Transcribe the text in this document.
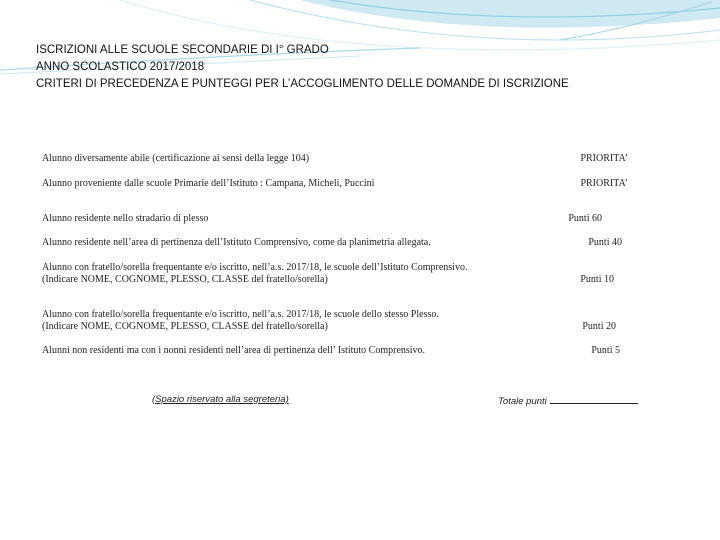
ISCRIZIONI ALLE SCUOLE SECONDARIE DI I° GRADO
ANNO SCOLASTICO 2017/2018
CRITERI DI PRECEDENZA E PUNTEGGI PER L’ACCOGLIMENTO DELLE DOMANDE DI ISCRIZIONE
Alunno diversamente abile (certificazione ai sensi della legge 104)	PRIORITA’
Alunno proveniente dalle scuole Primarie dell’Istituto : Campana, Micheli, Puccini	PRIORITA’
Alunno residente nello stradario di plesso	Punti 60
Alunno residente nell’area di pertinenza dell’Istituto Comprensivo, come da planimetria allegata.	Punti 40
Alunno con fratello/sorella frequentante e/o iscritto, nell’a.s. 2017/18, le scuole dell’Istituto Comprensivo.
(Indicare NOME, COGNOME, PLESSO, CLASSE del fratello/sorella)	Punti 10
Alunno con fratello/sorella frequentante e/o iscritto, nell’a.s. 2017/18, le scuole dello stesso Plesso.
(Indicare NOME, COGNOME, PLESSO, CLASSE del fratello/sorella)	Punti 20
Alunni non residenti ma con i nonni residenti nell’area di pertinenza dell’ Istituto Comprensivo.	Punti 5
(Spazio riservato alla segreteria)	Totale punti
